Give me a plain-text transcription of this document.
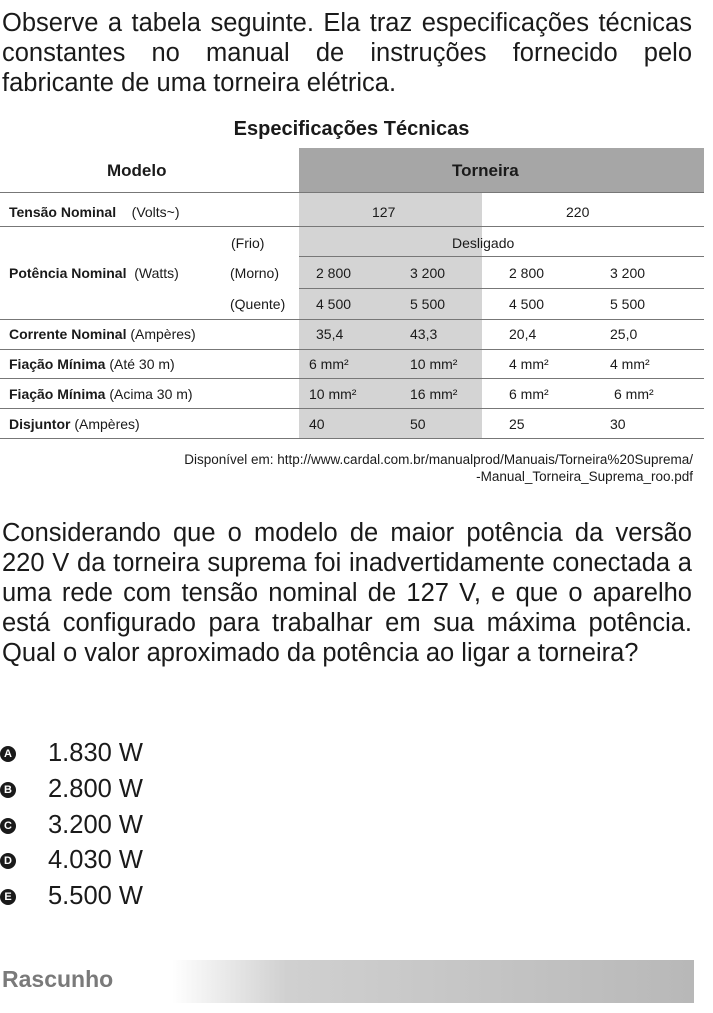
Observe a tabela seguinte. Ela traz especificações técnicas constantes no manual de instruções fornecido pelo fabricante de uma torneira elétrica.

Especificações Técnicas
Modelo	Torneira
Tensão Nominal (Volts~)	127	220
(Frio)	Desligado
Potência Nominal (Watts)	(Morno)	2 800	3 200	2 800	3 200
(Quente) 4 500	5 500	4 500	5 500
Corrente Nominal (Ampères)	35,4	43,3	20,4	25,0
Fiação Mínima (Até 30 m)	6 mm²	10 mm²	4 mm²	4 mm²
Fiação Mínima (Acima 30 m)	10 mm²	16 mm²	6 mm²	6 mm²
Disjuntor (Ampères)	40	50	25	30
Disponível em: http://www.cardal.com.br/manualprod/Manuais/Torneira%20Suprema/
-Manual_Torneira_Suprema_roo.pdf

Considerando que o modelo de maior potência da versão 220 V da torneira suprema foi inadvertidamente conectada a uma rede com tensão nominal de 127 V, e que o aparelho está configurado para trabalhar em sua máxima potência. Qual o valor aproximado da potência ao ligar a torneira?

A 1.830 W
B 2.800 W
C 3.200 W
D 4.030 W
E 5.500 W
Rascunho
